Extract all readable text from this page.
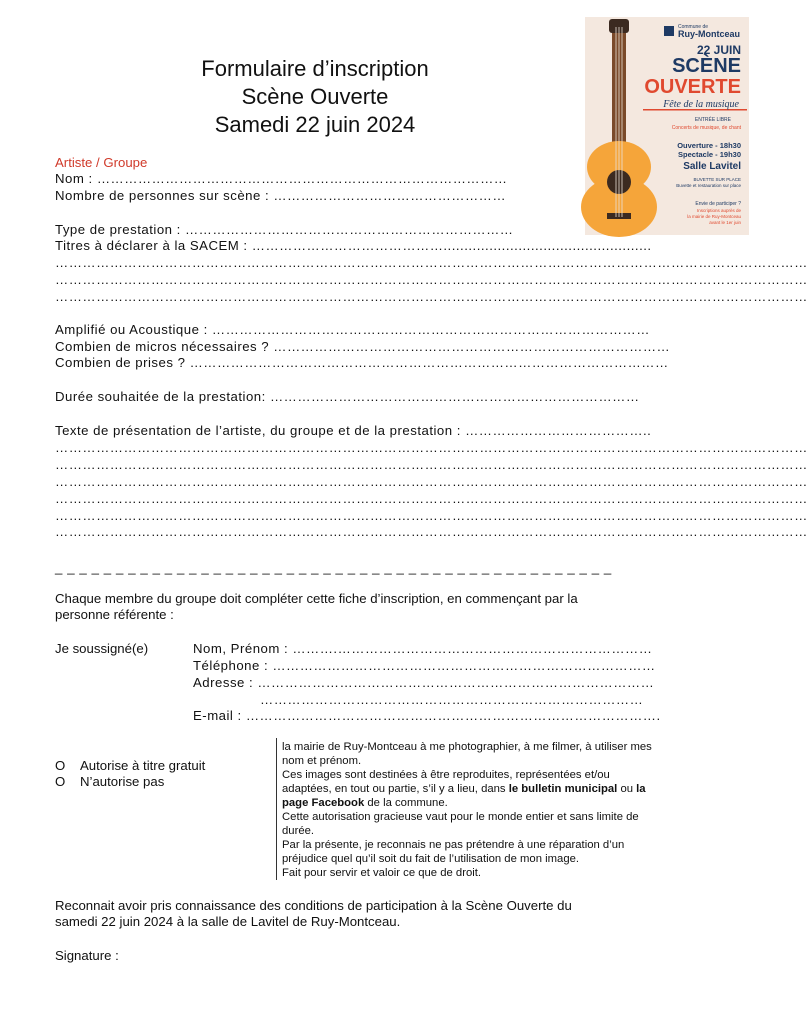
Formulaire d’inscription
Scène Ouverte
Samedi 22 juin 2024
Commune de
Ruy-Montceau
22 JUIN
SCÈNE
OUVERTE
Fête de la musique
ENTRÉE LIBRE
Concerts de musique, de chant
Ouverture - 18h30
Spectacle - 19h30
Salle Lavitel
BUVETTE SUR PLACE
Buvette et restauration sur place
Envie de participer ?
Inscriptions auprès de
la mairie de Ruy-Montceau
avant le 1er juin
Artiste / Groupe
Nom : ………………………………………………………………………………
Nombre de personnes sur scène : ……………………………………………
Type de prestation : ………………………………………………………………
Titres à déclarer à la SACEM : ……………………………………..................................................
…………………………………………………………………………………………………………………………………………………
…………………………………………………………………………………………………………………………………………………
…………………………………………………………………………………………………………………………………………………
Amplifié ou Acoustique : ……………………………………………………………………………………
Combien de micros nécessaires ? ……………………………………………………………………………
Combien de prises ? ……………………………………………………………………………………………
Durée souhaitée de la prestation: ………………………………………………………………………
Texte de présentation de l’artiste, du groupe et de la prestation : …………………………………..
…………………………………………………………………………………………………………………………………………………
…………………………………………………………………………………………………………………………………………………
…………………………………………………………………………………………………………………………………………………
…………………………………………………………………………………………………………………………………………………
…………………………………………………………………………………………………………………………………………………
…………………………………………………………………………………………………………………………………………………
_ _ _ _ _ _ _ _ _ _ _ _ _ _ _ _ _ _ _ _ _ _ _ _ _ _ _ _ _ _ _ _ _ _ _ _ _ _ _ _ _ _ _ _ _ _
Chaque membre du groupe doit compléter cette fiche d’inscription, en commençant par la
personne référente :
Je soussigné(e)	Nom, Prénom : ……….……………………………………………………………
Téléphone : …………………………………………………………………………
Adresse : ……………………………………………………………………………
…………………………………………………………………………
E-mail : ……………………………………………………………………………….
O Autorise à titre gratuit
O N’autorise pas
la mairie de Ruy-Montceau à me photographier, à me filmer, à utiliser mes
nom et prénom.
Ces images sont destinées à être reproduites, représentées et/ou
adaptées, en tout ou partie, s’il y a lieu, dans le bulletin municipal ou la
page Facebook de la commune.
Cette autorisation gracieuse vaut pour le monde entier et sans limite de
durée.
Par la présente, je reconnais ne pas prétendre à une réparation d’un
préjudice quel qu’il soit du fait de l’utilisation de mon image.
Fait pour servir et valoir ce que de droit.
Reconnait avoir pris connaissance des conditions de participation à la Scène Ouverte du
samedi 22 juin 2024 à la salle de Lavitel de Ruy-Montceau.
Signature :
